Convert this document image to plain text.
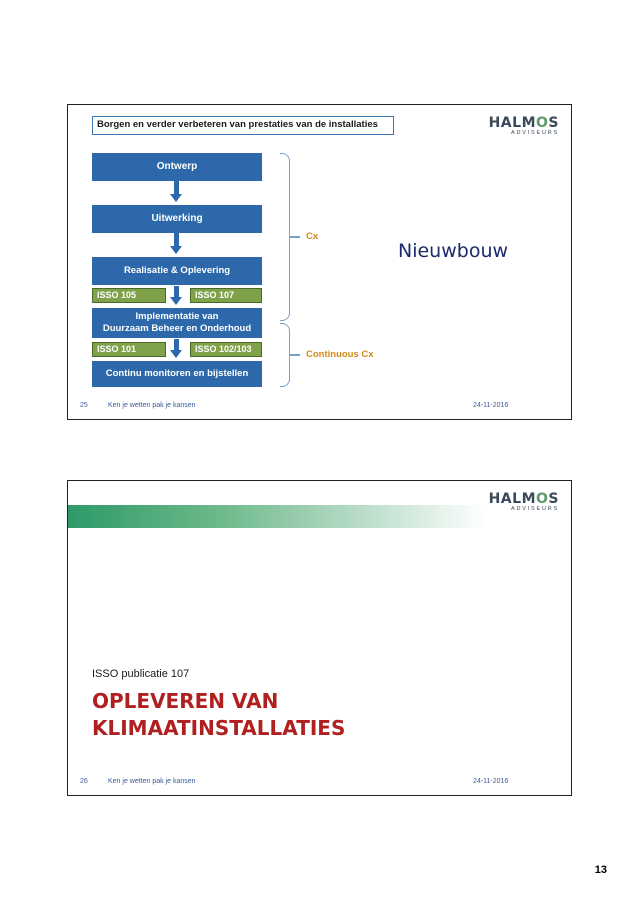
HALMOS
ADVISEURS
Borgen en verder verbeteren van prestaties van de installaties
Ontwerp
Uitwerking
Realisatie & Oplevering
ISSO 105	ISSO 107
Implementatie van
Duurzaam Beheer en Onderhoud
ISSO 101	ISSO 102/103
Continu monitoren en bijstellen
Cx
Continuous Cx
Nieuwbouw
25	Ken je wetten pak je kansen	24-11-2016
HALMOS
ADVISEURS
ISSO publicatie 107
OPLEVEREN VAN
KLIMAATINSTALLATIES
26	Ken je wetten pak je kansen	24-11-2016
13
